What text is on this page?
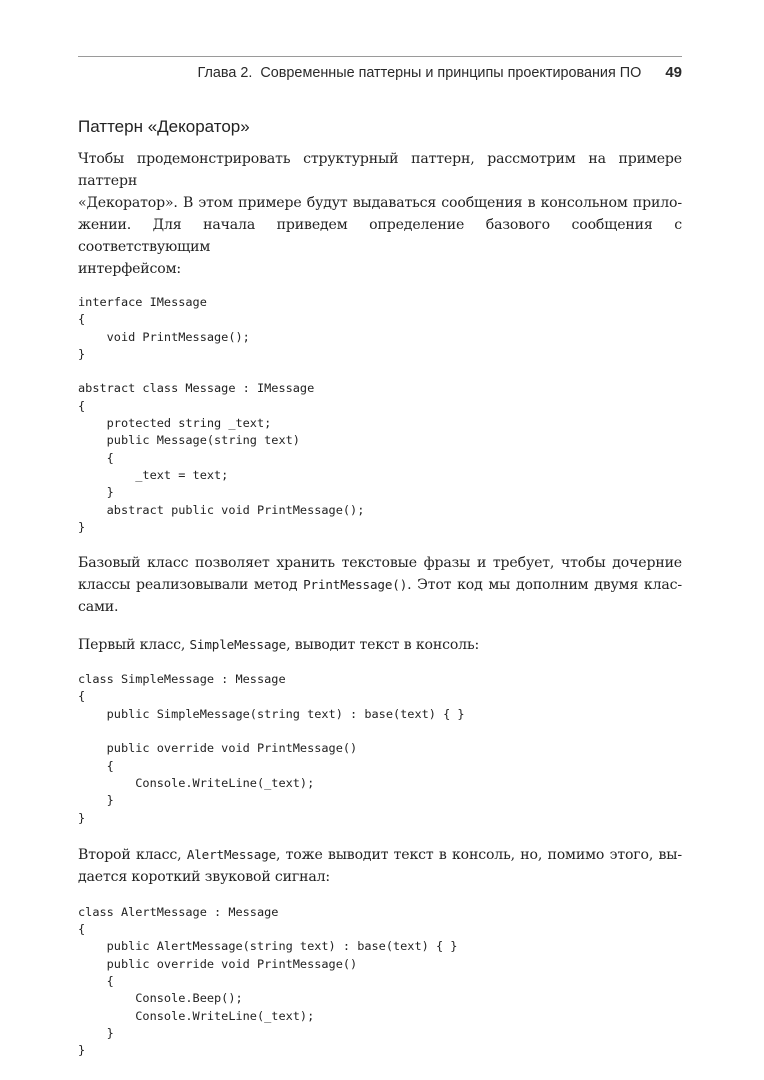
Глава 2. Современные паттерны и принципы проектирования ПО 49
Паттерн «Декоратор»

Чтобы продемонстрировать структурный паттерн, рассмотрим на примере паттерн
«Декоратор». В этом примере будут выдаваться сообщения в консольном прило-
жении. Для начала приведем определение базового сообщения с соответствующим
интерфейсом:

interface IMessage
{
void PrintMessage();
}

abstract class Message : IMessage
{
protected string _text;
public Message(string text)
{
_text = text;
}
abstract public void PrintMessage();
}

Базовый класс позволяет хранить текстовые фразы и требует, чтобы дочерние
классы реализовывали метод PrintMessage(). Этот код мы дополним двумя клас-
сами.

Первый класс, SimpleMessage, выводит текст в консоль:

class SimpleMessage : Message
{
public SimpleMessage(string text) : base(text) { }

public override void PrintMessage()
{
Console.WriteLine(_text);
}
}

Второй класс, AlertMessage, тоже выводит текст в консоль, но, помимо этого, вы-
дается короткий звуковой сигнал:

class AlertMessage : Message
{
public AlertMessage(string text) : base(text) { }
public override void PrintMessage()
{
Console.Beep();
Console.WriteLine(_text);
}
}
